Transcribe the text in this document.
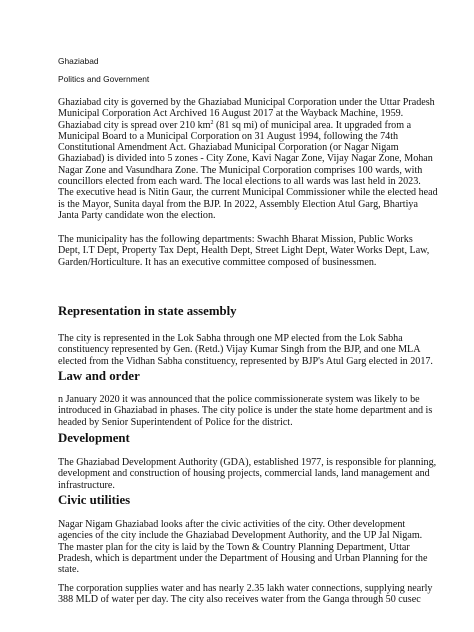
Ghaziabad
Politics and Government
Ghaziabad city is governed by the Ghaziabad Municipal Corporation under the Uttar Pradesh
Municipal Corporation Act Archived 16 August 2017 at the Wayback Machine, 1959.
Ghaziabad city is spread over 210 $km^2$ (81 sq mi) of municipal area. It upgraded from a
Municipal Board to a Municipal Corporation on 31 August 1994, following the 74th
Constitutional Amendment Act. Ghaziabad Municipal Corporation (or Nagar Nigam
Ghaziabad) is divided into 5 zones - City Zone, Kavi Nagar Zone, Vijay Nagar Zone, Mohan
Nagar Zone and Vasundhara Zone. The Municipal Corporation comprises 100 wards, with
councillors elected from each ward. The local elections to all wards was last held in 2023.
The executive head is Nitin Gaur, the current Municipal Commissioner while the elected head
is the Mayor, Sunita dayal from the BJP. In 2022, Assembly Election Atul Garg, Bhartiya
Janta Party candidate won the election.
The municipality has the following departments: Swachh Bharat Mission, Public Works
Dept, I.T Dept, Property Tax Dept, Health Dept, Street Light Dept, Water Works Dept, Law,
Garden/Horticulture. It has an executive committee composed of businessmen.
Representation in state assembly
The city is represented in the Lok Sabha through one MP elected from the Lok Sabha
constituency represented by Gen. (Retd.) Vijay Kumar Singh from the BJP, and one MLA
elected from the Vidhan Sabha constituency, represented by BJP's Atul Garg elected in 2017.
Law and order
n January 2020 it was announced that the police commissionerate system was likely to be
introduced in Ghaziabad in phases. The city police is under the state home department and is
headed by Senior Superintendent of Police for the district.
Development
The Ghaziabad Development Authority (GDA), established 1977, is responsible for planning,
development and construction of housing projects, commercial lands, land management and
infrastructure.
Civic utilities
Nagar Nigam Ghaziabad looks after the civic activities of the city. Other development
agencies of the city include the Ghaziabad Development Authority, and the UP Jal Nigam.
The master plan for the city is laid by the Town & Country Planning Department, Uttar
Pradesh, which is department under the Department of Housing and Urban Planning for the
state.
The corporation supplies water and has nearly 2.35 lakh water connections, supplying nearly
388 MLD of water per day. The city also receives water from the Ganga through 50 cusec
